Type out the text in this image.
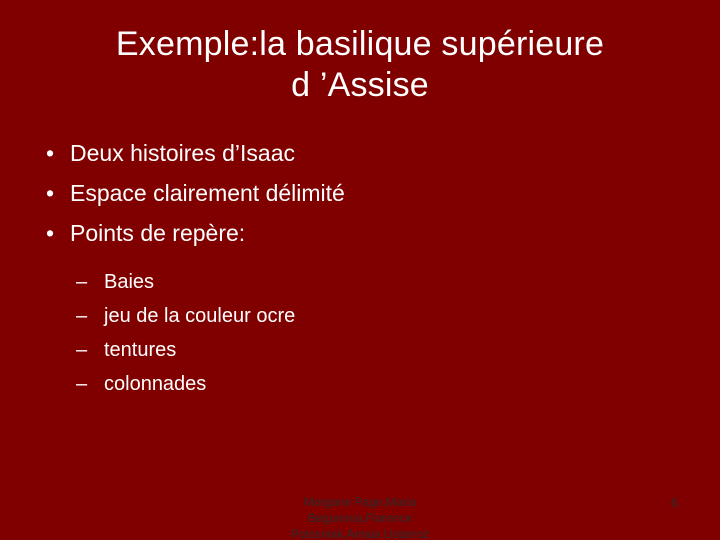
Exemple:la basilique supérieure
d ’Assise
• Deux histoires d’Isaac
• Espace clairement délimité
• Points de repère:
– Baies
– jeu de la couleur ocre
– tentures
– colonnades
Morgane Page,Maria Begunova,Florence Potosniak,Amaia Ustarroz
6
